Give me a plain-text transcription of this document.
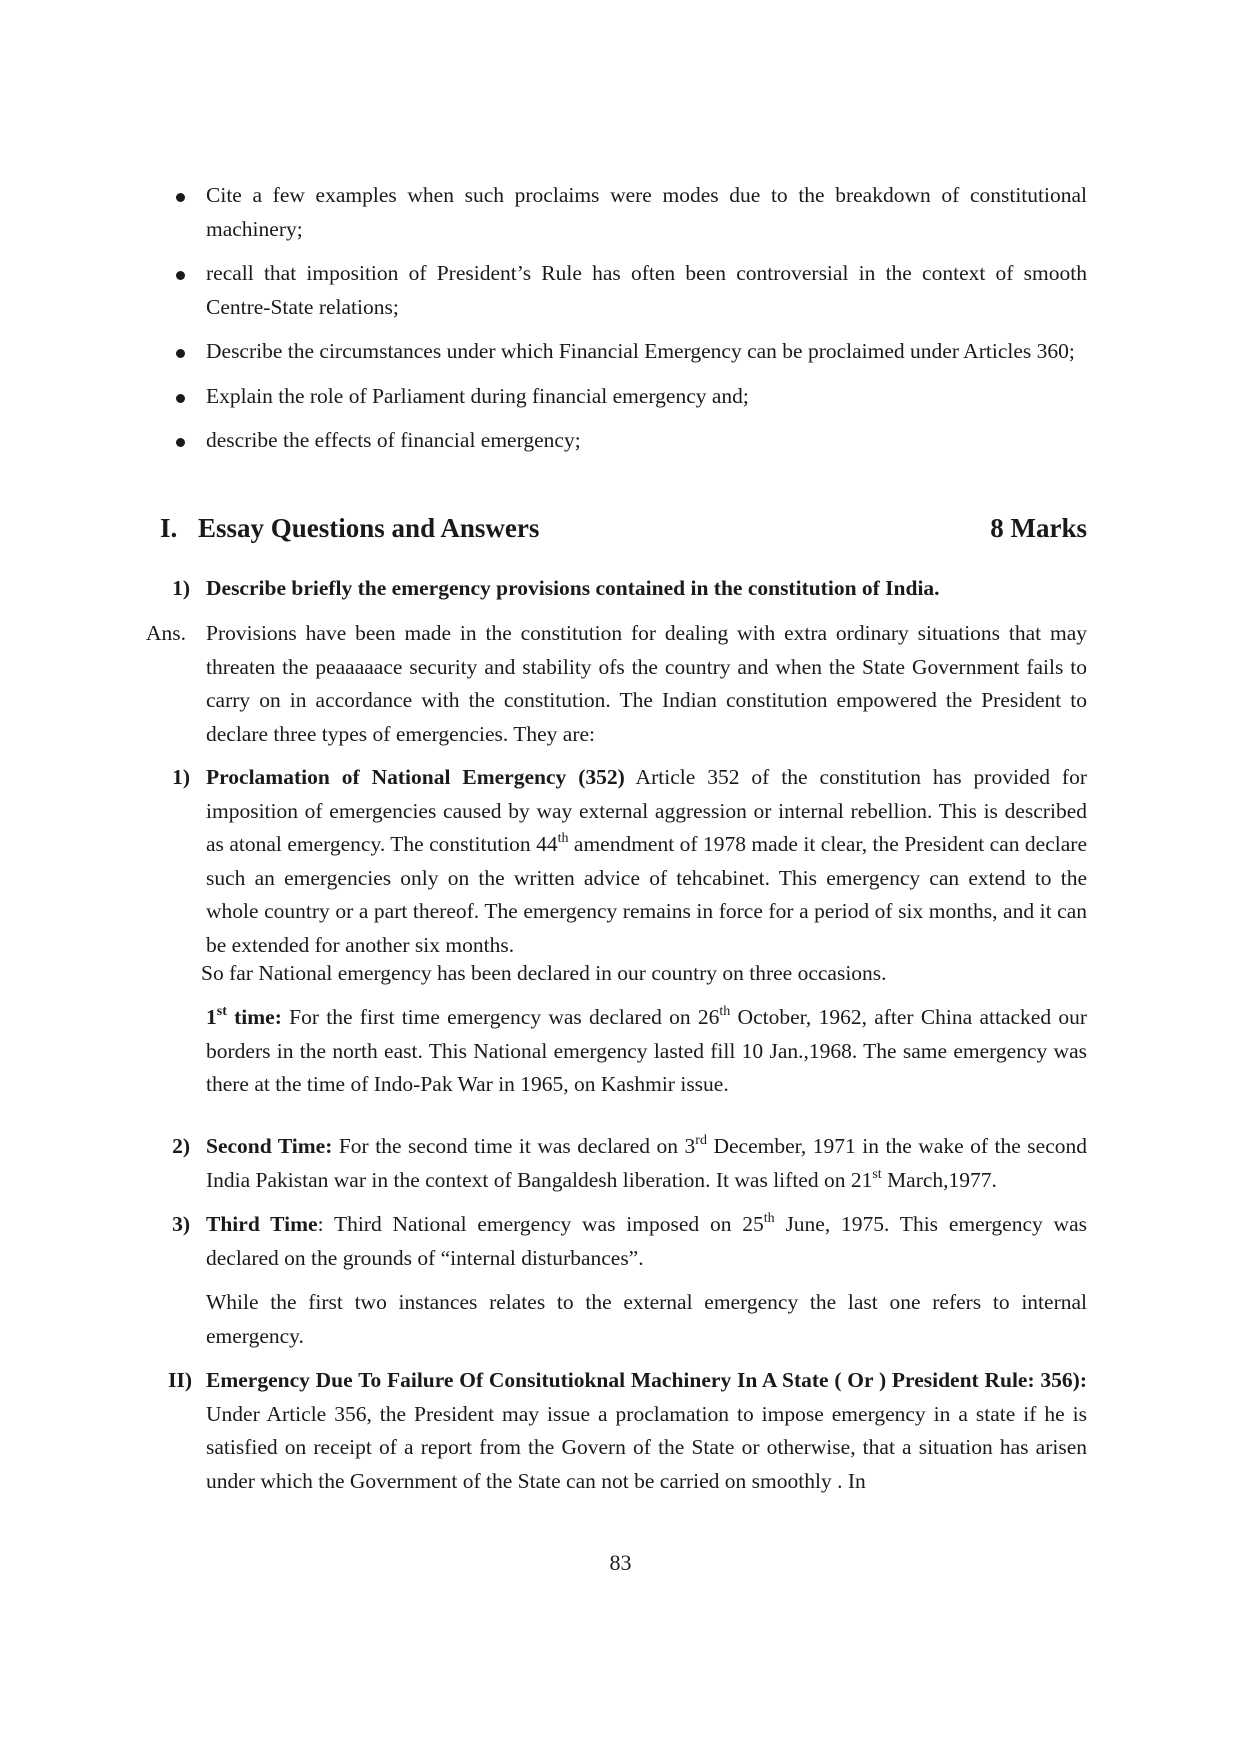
Cite a few examples when such proclaims were modes due to the breakdown of constitutional machinery;
recall that imposition of President’s Rule has often been controversial in the context of smooth Centre-State relations;
Describe the circumstances under which Financial Emergency can be proclaimed under Articles 360;
Explain the role of Parliament during financial emergency and;
describe the effects of financial emergency;
I. Essay Questions and Answers	8 Marks
1) Describe briefly the emergency provisions contained in the constitution of India.
Ans. Provisions have been made in the constitution for dealing with extra ordinary situations that may threaten the peaaaaace security and stability ofs the country and when the State Government fails to carry on in accordance with the constitution. The Indian constitution empowered the President to declare three types of emergencies. They are:
1) Proclamation of National Emergency (352) Article 352 of the constitution has provided for imposition of emergencies caused by way external aggression or internal rebellion. This is described as atonal emergency. The constitution 44th amendment of 1978 made it clear, the President can declare such an emergencies only on the written advice of tehcabinet. This emergency can extend to the whole country or a part thereof. The emergency remains in force for a period of six months, and it can be extended for another six months.
So far National emergency has been declared in our country on three occasions.
1st time: For the first time emergency was declared on 26th October, 1962, after China attacked our borders in the north east. This National emergency lasted fill 10 Jan.,1968. The same emergency was there at the time of Indo-Pak War in 1965, on Kashmir issue.
2) Second Time: For the second time it was declared on 3rd December, 1971 in the wake of the second India Pakistan war in the context of Bangaldesh liberation. It was lifted on 21st March,1977.
3) Third Time: Third National emergency was imposed on 25th June, 1975. This emergency was declared on the grounds of “internal disturbances”.
While the first two instances relates to the external emergency the last one refers to internal emergency.
II) Emergency Due To Failure Of Consitutioknal Machinery In A State ( Or ) President Rule: 356): Under Article 356, the President may issue a proclamation to impose emergency in a state if he is satisfied on receipt of a report from the Govern of the State or otherwise, that a situation has arisen under which the Government of the State can not be carried on smoothly . In
83
